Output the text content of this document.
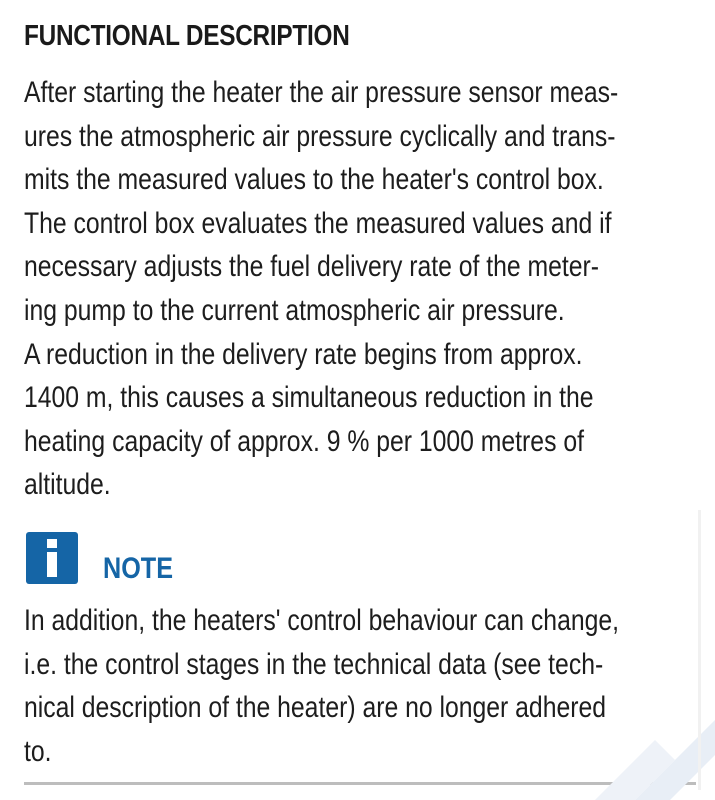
FUNCTIONAL DESCRIPTION
After starting the heater the air pressure sensor meas-
ures the atmospheric air pressure cyclically and trans-
mits the measured values to the heater's control box.
The control box evaluates the measured values and if
necessary adjusts the fuel delivery rate of the meter-
ing pump to the current atmospheric air pressure.
A reduction in the delivery rate begins from approx.
1400 m, this causes a simultaneous reduction in the
heating capacity of approx. 9 % per 1000 metres of
altitude.
NOTE
In addition, the heaters' control behaviour can change,
i.e. the control stages in the technical data (see tech-
nical description of the heater) are no longer adhered
to.
